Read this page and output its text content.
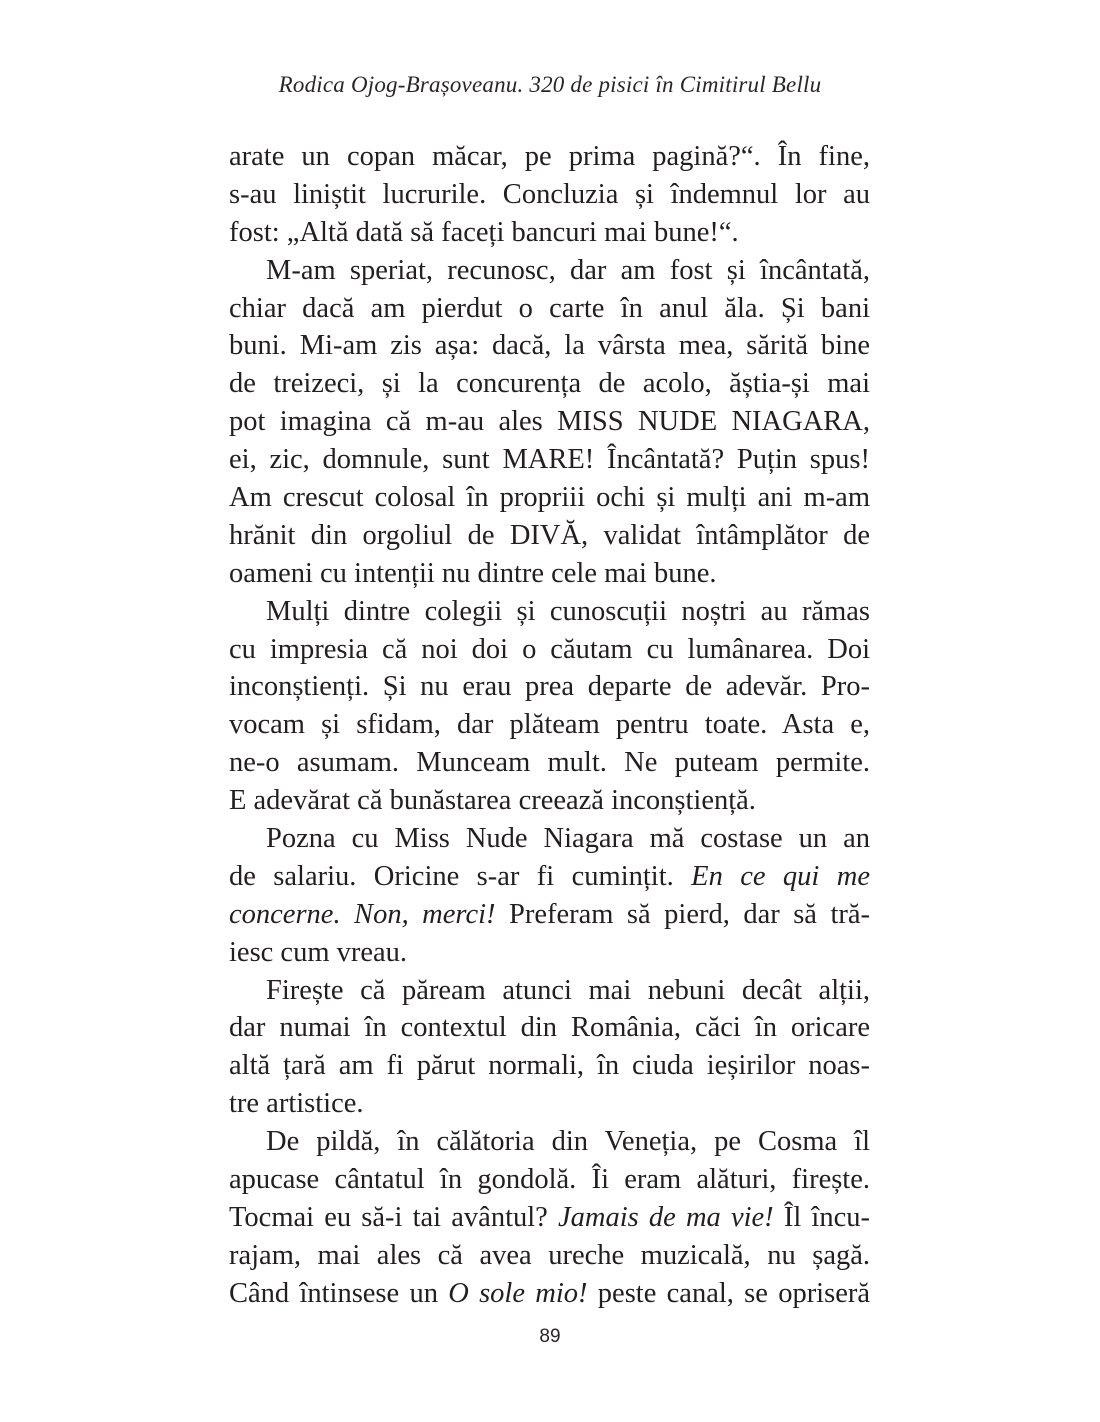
Rodica Ojog-Brașoveanu. 320 de pisici în Cimitirul Bellu
arate un copan măcar, pe prima pagină?“. În fine,
s-au liniștit lucrurile. Concluzia și îndemnul lor au
fost: „Altă dată să faceți bancuri mai bune!“.
M-am speriat, recunosc, dar am fost și încântată,
chiar dacă am pierdut o carte în anul ăla. Și bani
buni. Mi-am zis așa: dacă, la vârsta mea, sărită bine
de treizeci, și la concurența de acolo, ăștia-și mai
pot imagina că m-au ales MISS NUDE NIAGARA,
ei, zic, domnule, sunt MARE! Încântată? Puțin spus!
Am crescut colosal în propriii ochi și mulți ani m-am
hrănit din orgoliul de DIVĂ, validat întâmplător de
oameni cu intenții nu dintre cele mai bune.
Mulți dintre colegii și cunoscuții noștri au rămas
cu impresia că noi doi o căutam cu lumânarea. Doi
inconștienți. Și nu erau prea departe de adevăr. Pro-
vocam și sfidam, dar plăteam pentru toate. Asta e,
ne-o asumam. Munceam mult. Ne puteam permite.
E adevărat că bunăstarea creează inconștiență.
Pozna cu Miss Nude Niagara mă costase un an
de salariu. Oricine s-ar fi cumințit. En ce qui me
concerne. Non, merci! Preferam să pierd, dar să tră-
iesc cum vreau.
Firește că păream atunci mai nebuni decât alții,
dar numai în contextul din România, căci în oricare
altă țară am fi părut normali, în ciuda ieșirilor noas-
tre artistice.
De pildă, în călătoria din Veneția, pe Cosma îl
apucase cântatul în gondolă. Îi eram alături, firește.
Tocmai eu să-i tai avântul? Jamais de ma vie! Îl încu-
rajam, mai ales că avea ureche muzicală, nu șagă.
Când întinsese un O sole mio! peste canal, se opriseră
89
